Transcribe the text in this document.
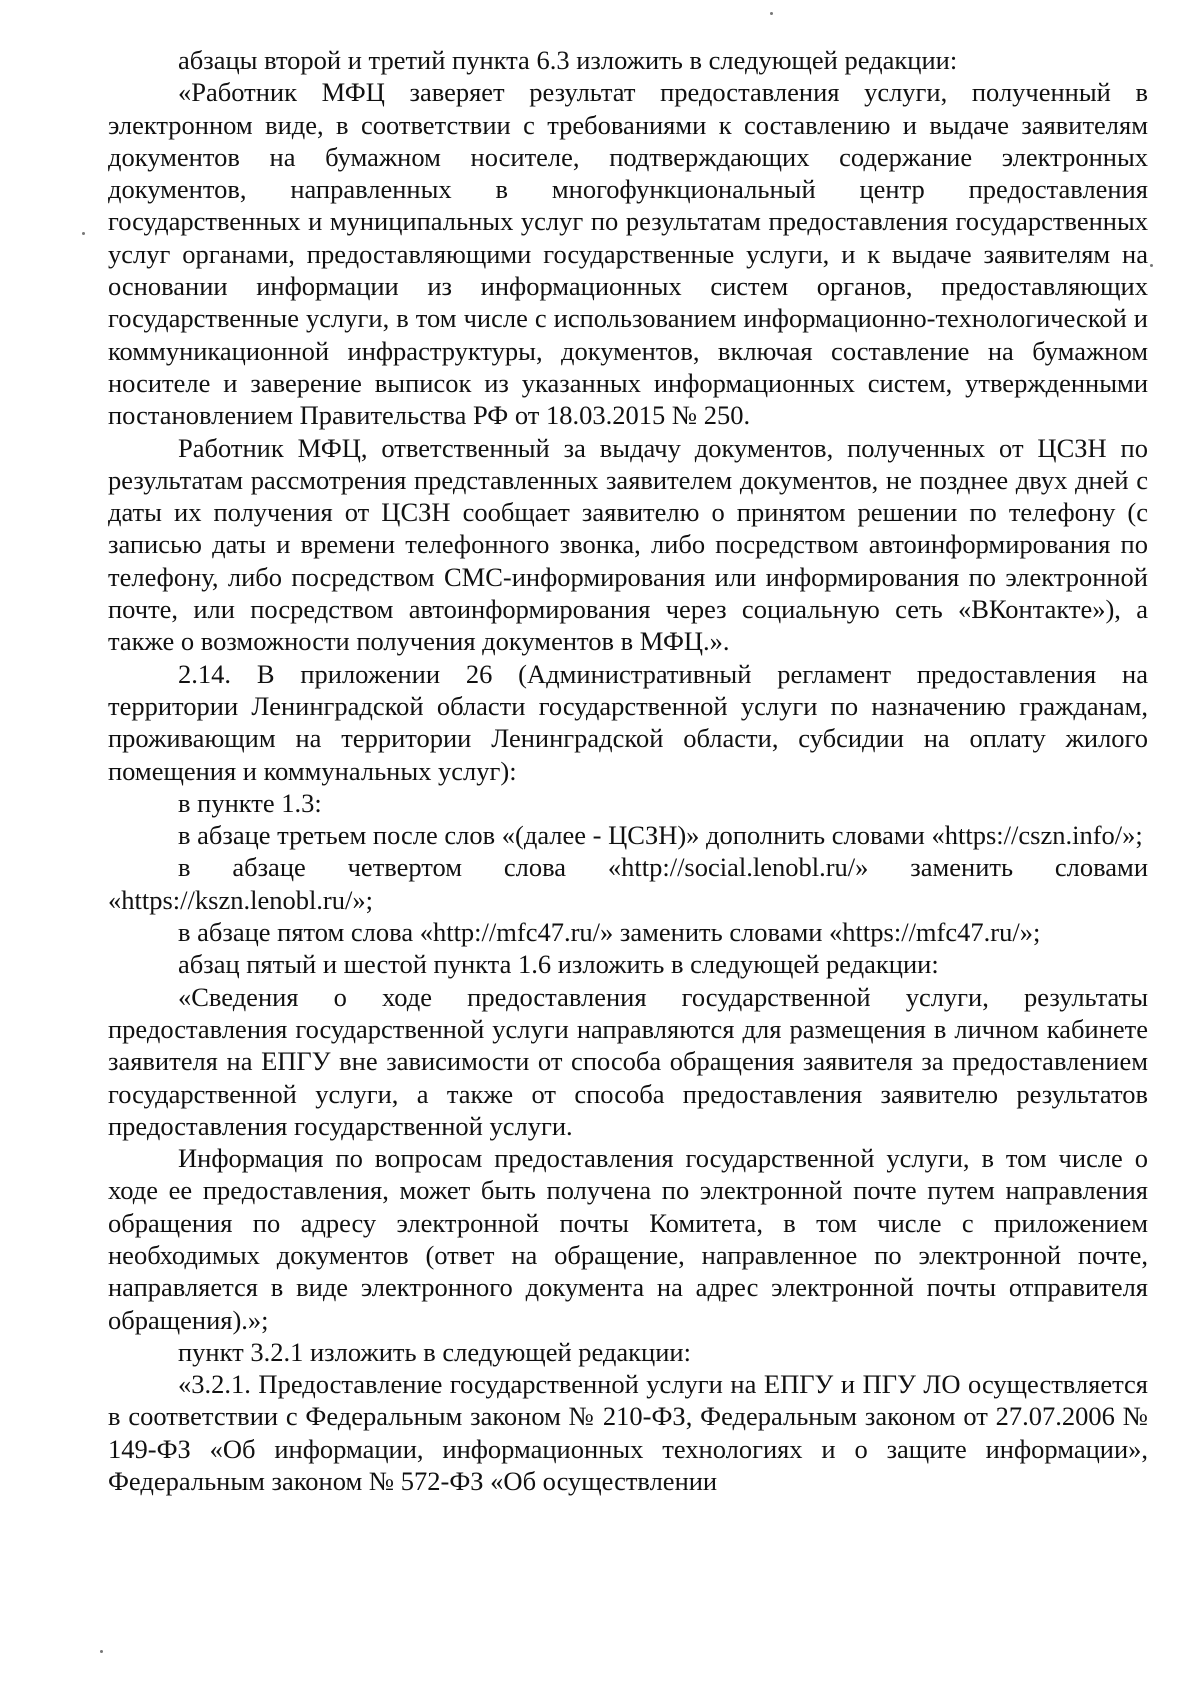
абзацы второй и третий пункта 6.3 изложить в следующей редакции:

«Работник МФЦ заверяет результат предоставления услуги, полученный в электронном виде, в соответствии с требованиями к составлению и выдаче заявителям документов на бумажном носителе, подтверждающих содержание электронных документов, направленных в многофункциональный центр предоставления государственных и муниципальных услуг по результатам предоставления государственных услуг органами, предоставляющими государственные услуги, и к выдаче заявителям на основании информации из информационных систем органов, предоставляющих государственные услуги, в том числе с использованием информационно-технологической и коммуникационной инфраструктуры, документов, включая составление на бумажном носителе и заверение выписок из указанных информационных систем, утвержденными постановлением Правительства РФ от 18.03.2015 № 250.

Работник МФЦ, ответственный за выдачу документов, полученных от ЦСЗН по результатам рассмотрения представленных заявителем документов, не позднее двух дней с даты их получения от ЦСЗН сообщает заявителю о принятом решении по телефону (с записью даты и времени телефонного звонка, либо посредством автоинформирования по телефону, либо посредством СМС-информирования или информирования по электронной почте, или посредством автоинформирования через социальную сеть «ВКонтакте»), а также о возможности получения документов в МФЦ.».

2.14. В приложении 26 (Административный регламент предоставления на территории Ленинградской области государственной услуги по назначению гражданам, проживающим на территории Ленинградской области, субсидии на оплату жилого помещения и коммунальных услуг):

в пункте 1.3:

в абзаце третьем после слов «(далее - ЦСЗН)» дополнить словами «https://cszn.info/»;

в абзаце четвертом слова «http://social.lenobl.ru/» заменить словами «https://kszn.lenobl.ru/»;

в абзаце пятом слова «http://mfc47.ru/» заменить словами «https://mfc47.ru/»;

абзац пятый и шестой пункта 1.6 изложить в следующей редакции:

«Сведения о ходе предоставления государственной услуги, результаты предоставления государственной услуги направляются для размещения в личном кабинете заявителя на ЕПГУ вне зависимости от способа обращения заявителя за предоставлением государственной услуги, а также от способа предоставления заявителю результатов предоставления государственной услуги.

Информация по вопросам предоставления государственной услуги, в том числе о ходе ее предоставления, может быть получена по электронной почте путем направления обращения по адресу электронной почты Комитета, в том числе с приложением необходимых документов (ответ на обращение, направленное по электронной почте, направляется в виде электронного документа на адрес электронной почты отправителя обращения).»;

пункт 3.2.1 изложить в следующей редакции:

«3.2.1. Предоставление государственной услуги на ЕПГУ и ПГУ ЛО осуществляется в соответствии с Федеральным законом № 210-ФЗ, Федеральным законом от 27.07.2006 № 149-ФЗ «Об информации, информационных технологиях и о защите информации», Федеральным законом № 572-ФЗ «Об осуществлении
